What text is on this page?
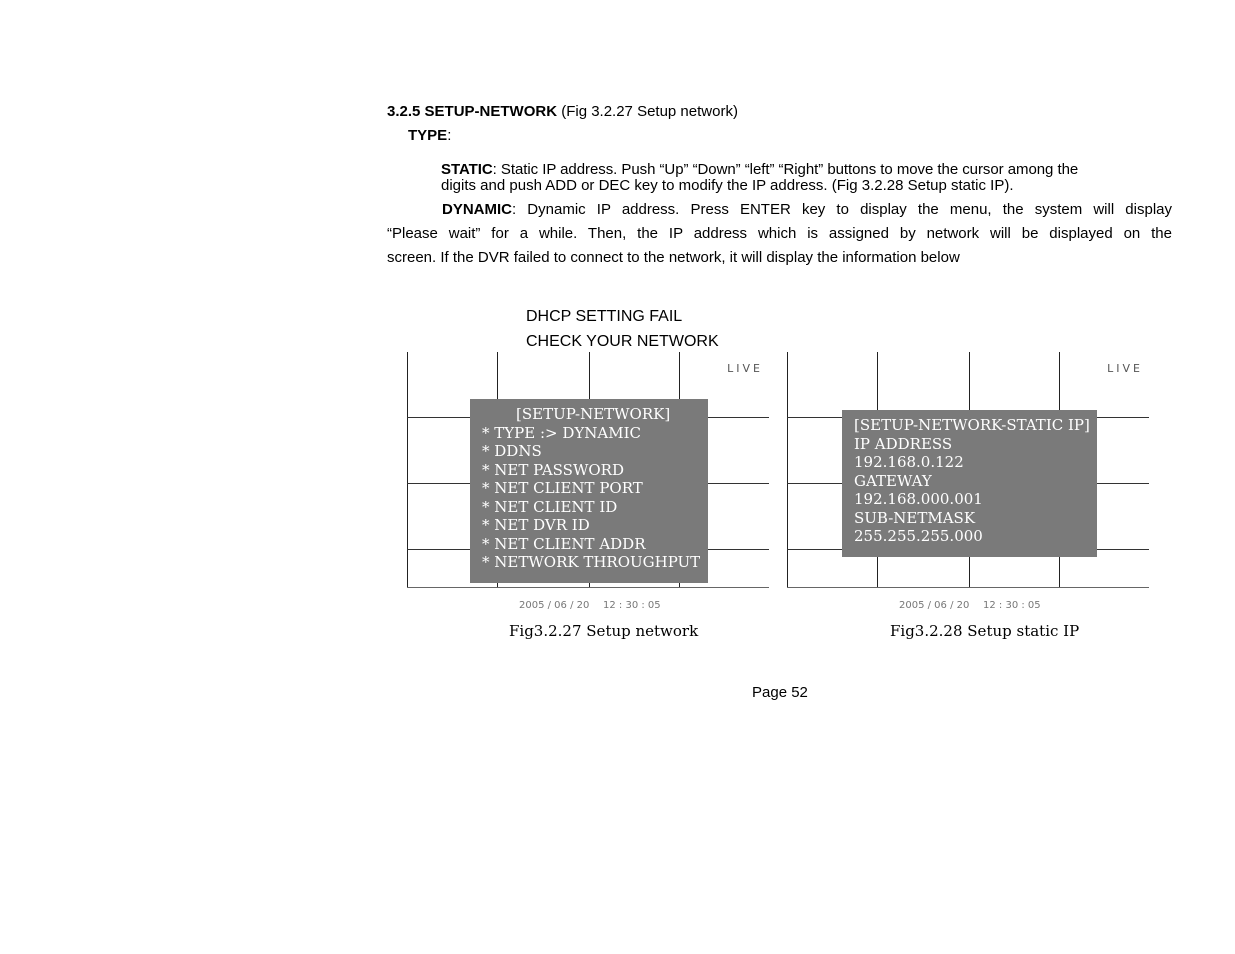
3.2.5 SETUP-NETWORK (Fig 3.2.27 Setup network)
TYPE:
STATIC: Static IP address. Push “Up” “Down” “left” “Right” buttons to move the cursor among the
digits and push ADD or DEC key to modify the IP address. (Fig 3.2.28 Setup static IP).
DYNAMIC: Dynamic IP address. Press ENTER key to display the menu, the system will display
“Please wait” for a while. Then, the IP address which is assigned by network will be displayed on the
screen. If the DVR failed to connect to the network, it will display the information below
DHCP SETTING FAIL
CHECK YOUR NETWORK
LIVE
[SETUP-NETWORK]
* TYPE :> DYNAMIC
* DDNS
* NET PASSWORD
* NET CLIENT PORT
* NET CLIENT ID
* NET DVR ID
* NET CLIENT ADDR
* NETWORK THROUGHPUT
2005 / 06 / 20 12 : 30 : 05
Fig3.2.27 Setup network
LIVE
[SETUP-NETWORK-STATIC IP]
IP ADDRESS
192.168.0.122
GATEWAY
192.168.000.001
SUB-NETMASK
255.255.255.000
2005 / 06 / 20 12 : 30 : 05
Fig3.2.28 Setup static IP
Page 52
